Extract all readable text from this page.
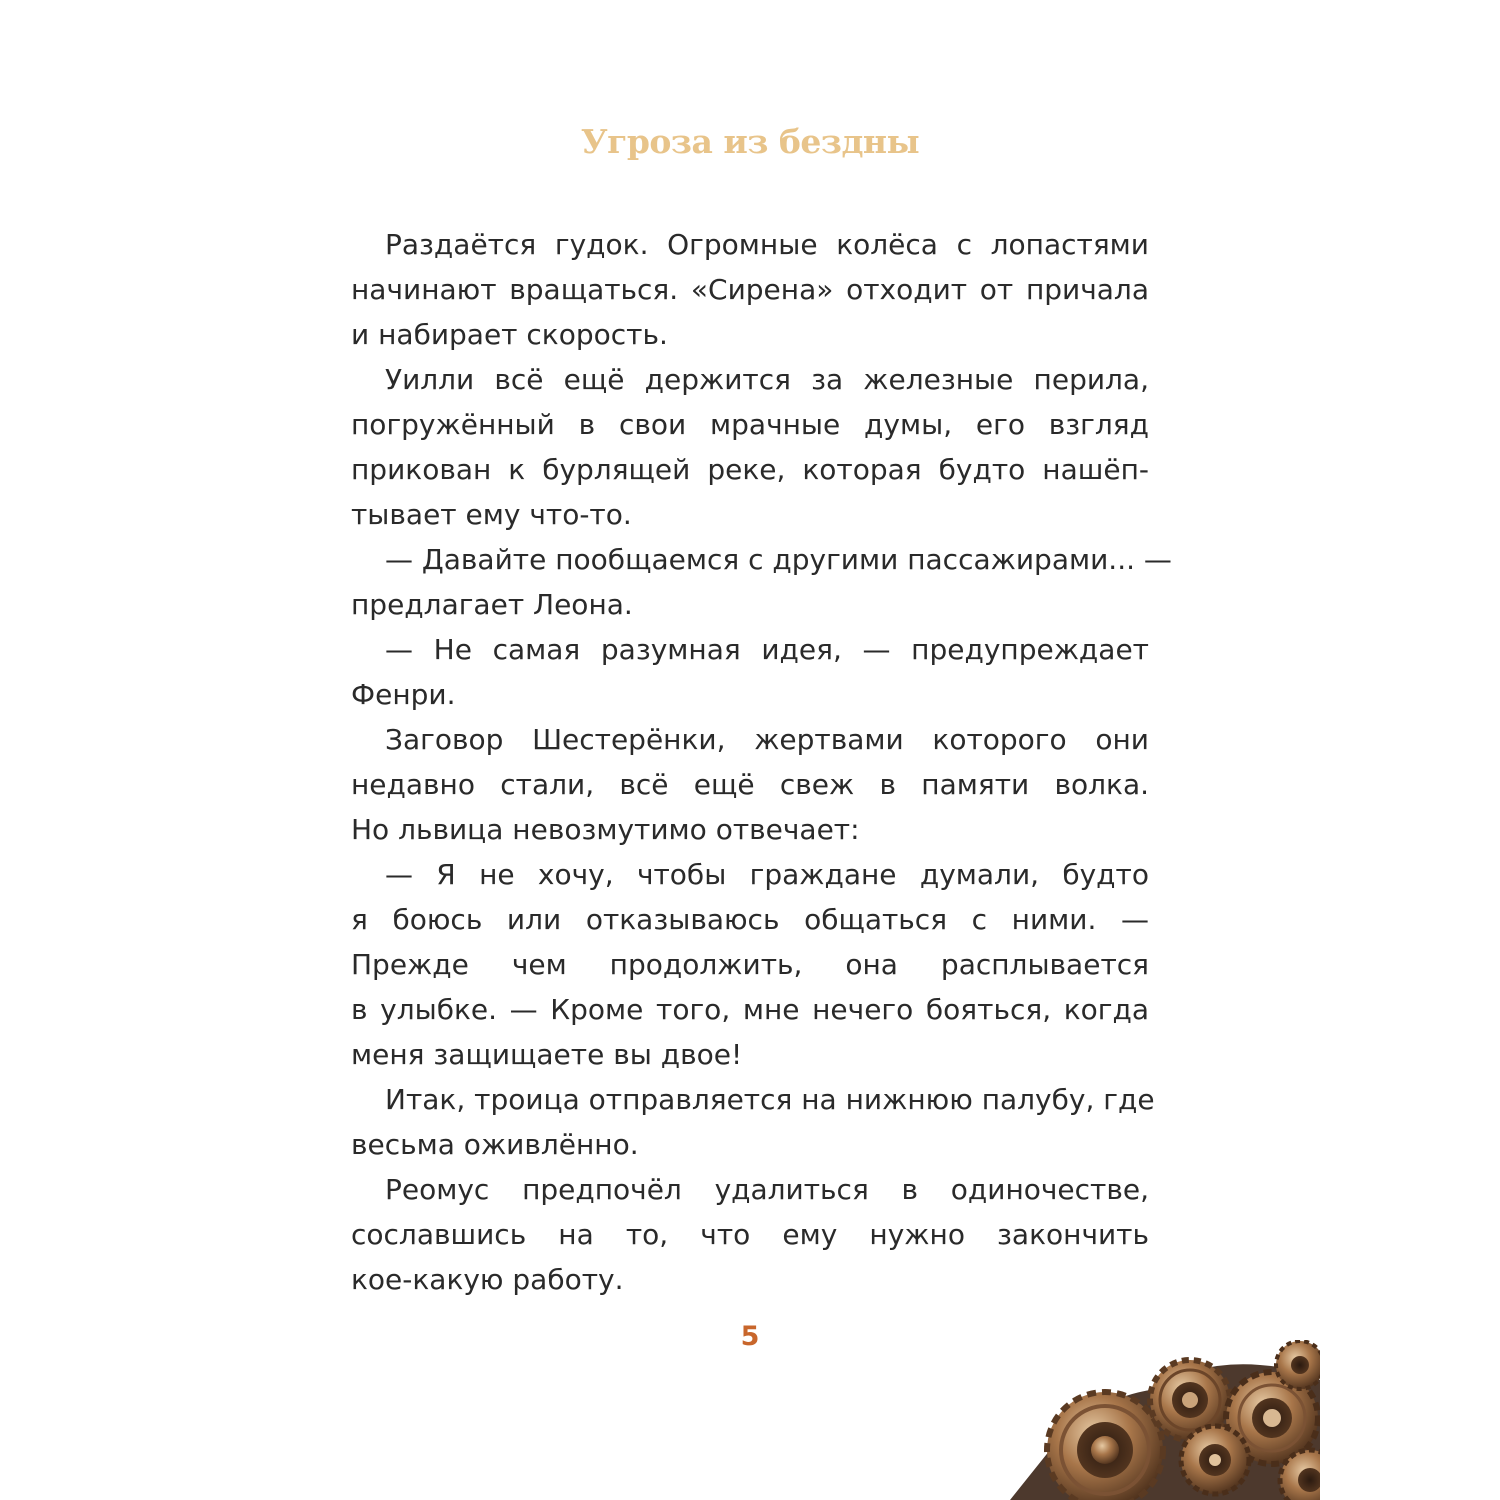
Угроза из бездны
Раздаётся гудок. Огромные колёса с лопастями
начинают вращаться. «Сирена» отходит от причала
и набирает скорость.
Уилли всё ещё держится за железные перила,
погружённый в свои мрачные думы, его взгляд
прикован к бурлящей реке, которая будто нашёп-
тывает ему что-то.
— Давайте пообщаемся с другими пассажирами... —
предлагает Леона.
— Не самая разумная идея, — предупреждает
Фенри.
Заговор Шестерёнки, жертвами которого они
недавно стали, всё ещё свеж в памяти волка.
Но львица невозмутимо отвечает:
— Я не хочу, чтобы граждане думали, будто
я боюсь или отказываюсь общаться с ними. —
Прежде чем продолжить, она расплывается
в улыбке. — Кроме того, мне нечего бояться, когда
меня защищаете вы двое!
Итак, троица отправляется на нижнюю палубу, где
весьма оживлённо.
Реомус предпочёл удалиться в одиночестве,
сославшись на то, что ему нужно закончить
кое-какую работу.
5
